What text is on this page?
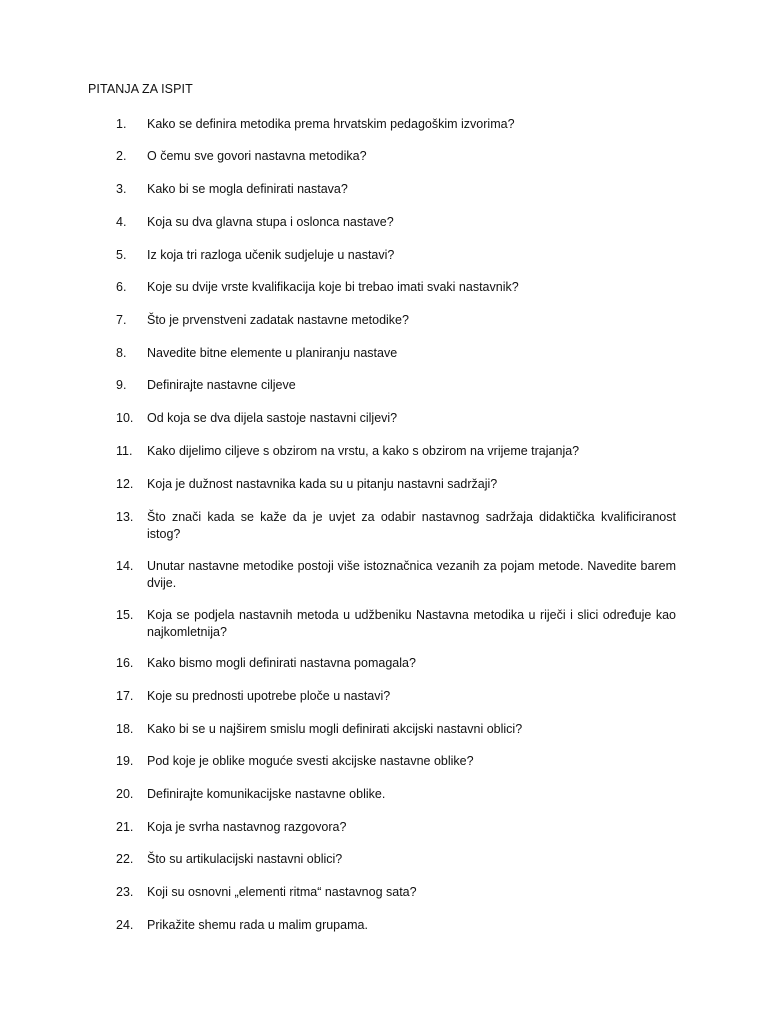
PITANJA ZA ISPIT
1.	Kako se definira metodika prema hrvatskim pedagoškim izvorima?
2.	O čemu sve govori nastavna metodika?
3.	Kako bi se mogla definirati nastava?
4.	Koja su dva glavna stupa i oslonca nastave?
5.	Iz koja tri razloga učenik sudjeluje u nastavi?
6.	Koje su dvije vrste kvalifikacija koje bi trebao imati svaki nastavnik?
7.	Što je prvenstveni zadatak nastavne metodike?
8.	Navedite bitne elemente u planiranju nastave
9.	Definirajte nastavne ciljeve
10.	Od koja se dva dijela sastoje nastavni ciljevi?
11.	Kako dijelimo ciljeve s obzirom na vrstu, a kako s obzirom na vrijeme trajanja?
12.	Koja je dužnost nastavnika kada su u pitanju nastavni sadržaji?
13.	Što znači kada se kaže da je uvjet za odabir nastavnog sadržaja didaktička kvalificiranost istog?
14.	Unutar nastavne metodike postoji više istoznačnica vezanih za pojam metode. Navedite barem dvije.
15.	Koja se podjela nastavnih metoda u udžbeniku Nastavna metodika u riječi i slici određuje kao najkomletnija?
16.	Kako bismo mogli definirati nastavna pomagala?
17.	Koje su prednosti upotrebe ploče u nastavi?
18.	Kako bi se u najširem smislu mogli definirati akcijski nastavni oblici?
19.	Pod koje je oblike moguće svesti akcijske nastavne oblike?
20.	Definirajte komunikacijske nastavne oblike.
21.	Koja je svrha nastavnog razgovora?
22.	Što su artikulacijski nastavni oblici?
23.	Koji su osnovni „elementi ritma“ nastavnog sata?
24.	Prikažite shemu rada u malim grupama.
